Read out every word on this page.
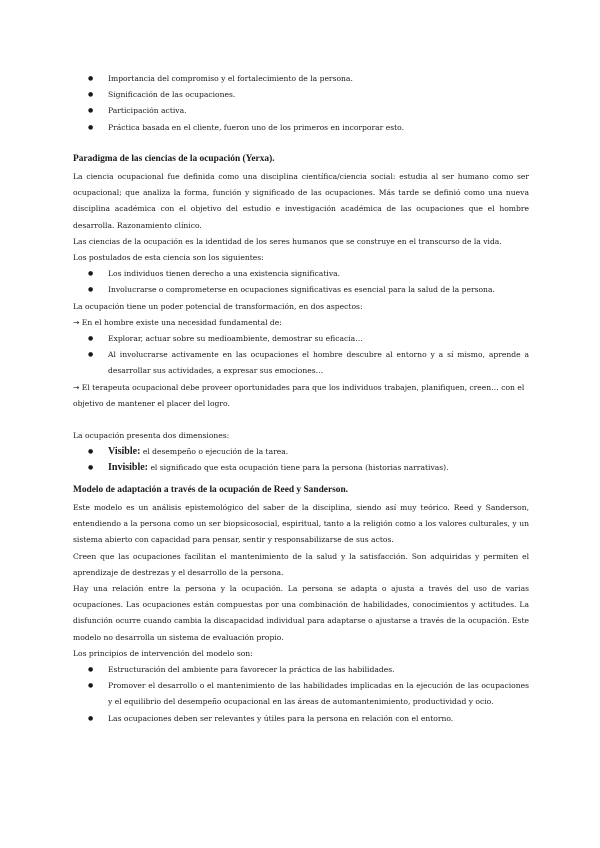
● Importancia del compromiso y el fortalecimiento de la persona.
● Significación de las ocupaciones.
● Participación activa.
● Práctica basada en el cliente, fueron uno de los primeros en incorporar esto.

Paradigma de las ciencias de la ocupación (Yerxa).

La ciencia ocupacional fue definida como una disciplina científica/ciencia social: estudia al ser humano como ser ocupacional; que analiza la forma, función y significado de las ocupaciones. Más tarde se definió como una nueva disciplina académica con el objetivo del estudio e investigación académica de las ocupaciones que el hombre desarrolla. Razonamiento clínico.

Las ciencias de la ocupación es la identidad de los seres humanos que se construye en el transcurso de la vida.

Los postulados de esta ciencia son los siguientes:

● Los individuos tienen derecho a una existencia significativa.
● Involucrarse o comprometerse en ocupaciones significativas es esencial para la salud de la persona.

La ocupación tiene un poder potencial de transformación, en dos aspectos:

→ En el hombre existe una necesidad fundamental de:

● Explorar, actuar sobre su medioambiente, demostrar su eficacia…
● Al involucrarse activamente en las ocupaciones el hombre descubre al entorno y a sí mismo, aprende a desarrollar sus actividades, a expresar sus emociones…

→ El terapeuta ocupacional debe proveer oportunidades para que los individuos trabajen, planifiquen, creen… con el objetivo de mantener el placer del logro.

La ocupación presenta dos dimensiones:

● Visible: el desempeño o ejecución de la tarea.
● Invisible: el significado que esta ocupación tiene para la persona (historias narrativas).

Modelo de adaptación a través de la ocupación de Reed y Sanderson.

Este modelo es un análisis epistemológico del saber de la disciplina, siendo así muy teórico. Reed y Sanderson, entendiendo a la persona como un ser biopsicosocial, espiritual, tanto a la religión como a los valores culturales, y un sistema abierto con capacidad para pensar, sentir y responsabilizarse de sus actos.

Creen que las ocupaciones facilitan el mantenimiento de la salud y la satisfacción. Son adquiridas y permiten el aprendizaje de destrezas y el desarrollo de la persona.

Hay una relación entre la persona y la ocupación. La persona se adapta o ajusta a través del uso de varias ocupaciones. Las ocupaciones están compuestas por una combinación de habilidades, conocimientos y actitudes. La disfunción ocurre cuando cambia la discapacidad individual para adaptarse o ajustarse a través de la ocupación. Este modelo no desarrolla un sistema de evaluación propio.

Los principios de intervención del modelo son:

● Estructuración del ambiente para favorecer la práctica de las habilidades.
● Promover el desarrollo o el mantenimiento de las habilidades implicadas en la ejecución de las ocupaciones y el equilibrio del desempeño ocupacional en las áreas de automantenimiento, productividad y ocio.
● Las ocupaciones deben ser relevantes y útiles para la persona en relación con el entorno.
